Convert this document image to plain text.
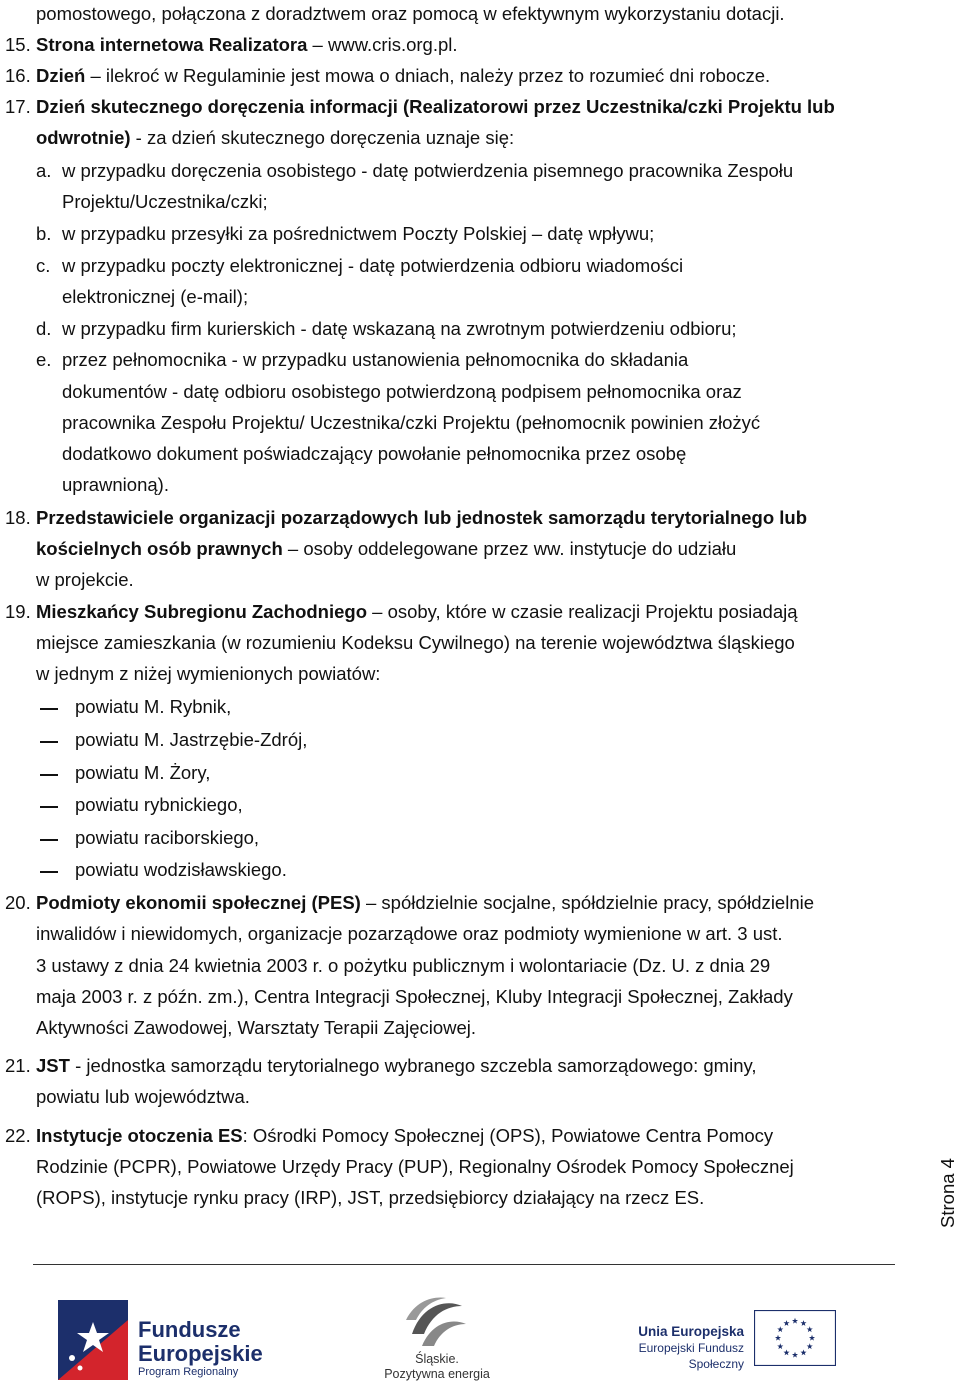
pomostowego, połączona z doradztwem oraz pomocą w efektywnym wykorzystaniu dotacji.
15. Strona internetowa Realizatora – www.cris.org.pl.
16. Dzień – ilekroć w Regulaminie jest mowa o dniach, należy przez to rozumieć dni robocze.
17. Dzień skutecznego doręczenia informacji (Realizatorowi przez Uczestnika/czki Projektu lub
odwrotnie) - za dzień skutecznego doręczenia uznaje się:
a. w przypadku doręczenia osobistego - datę potwierdzenia pisemnego pracownika Zespołu
Projektu/Uczestnika/czki;
b. w przypadku przesyłki za pośrednictwem Poczty Polskiej – datę wpływu;
c. w przypadku poczty elektronicznej - datę potwierdzenia odbioru wiadomości
elektronicznej (e-mail);
d. w przypadku firm kurierskich - datę wskazaną na zwrotnym potwierdzeniu odbioru;
e. przez pełnomocnika - w przypadku ustanowienia pełnomocnika do składania
dokumentów - datę odbioru osobistego potwierdzoną podpisem pełnomocnika oraz
pracownika Zespołu Projektu/ Uczestnika/czki Projektu (pełnomocnik powinien złożyć
dodatkowo dokument poświadczający powołanie pełnomocnika przez osobę
uprawnioną).
18. Przedstawiciele organizacji pozarządowych lub jednostek samorządu terytorialnego lub
kościelnych osób prawnych – osoby oddelegowane przez ww. instytucje do udziału
w projekcie.
19. Mieszkańcy Subregionu Zachodniego – osoby, które w czasie realizacji Projektu posiadają
miejsce zamieszkania (w rozumieniu Kodeksu Cywilnego) na terenie województwa śląskiego
w jednym z niżej wymienionych powiatów:
powiatu M. Rybnik,
powiatu M. Jastrzębie-Zdrój,
powiatu M. Żory,
powiatu rybnickiego,
powiatu raciborskiego,
powiatu wodzisławskiego.
20. Podmioty ekonomii społecznej (PES) – spółdzielnie socjalne, spółdzielnie pracy, spółdzielnie
inwalidów i niewidomych, organizacje pozarządowe oraz podmioty wymienione w art. 3 ust.
3 ustawy z dnia 24 kwietnia 2003 r. o pożytku publicznym i wolontariacie (Dz. U. z dnia 29
maja 2003 r. z późn. zm.), Centra Integracji Społecznej, Kluby Integracji Społecznej, Zakłady
Aktywności Zawodowej, Warsztaty Terapii Zajęciowej.
21. JST - jednostka samorządu terytorialnego wybranego szczebla samorządowego: gminy,
powiatu lub województwa.
22. Instytucje otoczenia ES: Ośrodki Pomocy Społecznej (OPS), Powiatowe Centra Pomocy
Rodzinie (PCPR), Powiatowe Urzędy Pracy (PUP), Regionalny Ośrodek Pomocy Społecznej
(ROPS), instytucje rynku pracy (IRP), JST, przedsiębiorcy działający na rzecz ES.	Strona 4
Fundusze
Europejskie
Program Regionalny
Śląskie.
Pozytywna energia
Unia Europejska
Europejski Fundusz Społeczny
